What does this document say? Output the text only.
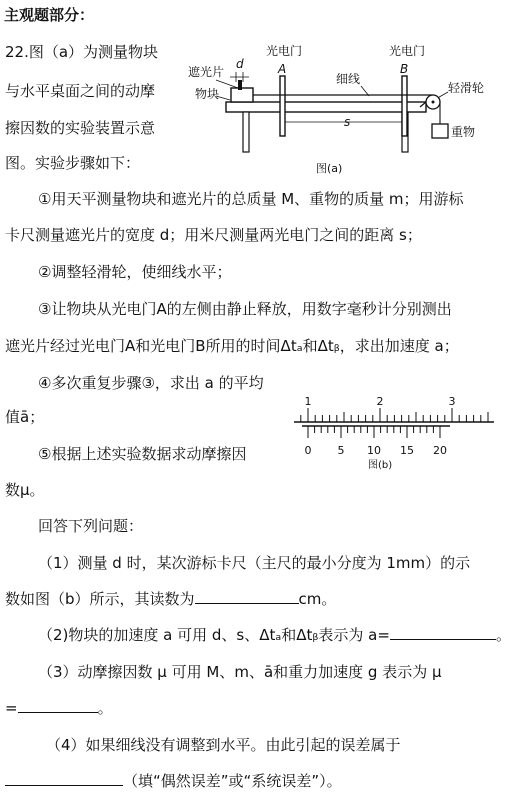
主观题部分：
22.图（a）为测量物块
与水平桌面之间的动摩
擦因数的实验装置示意
图。实验步骤如下：
遮光片
d
物块
光电门
A
光电门
B
细线
轻滑轮
重物
s
图(a)
①用天平测量物块和遮光片的总质量 M、重物的质量 m；用游标
卡尺测量遮光片的宽度 d；用米尺测量两光电门之间的距离 s；
②调整轻滑轮，使细线水平；
③让物块从光电门A的左侧由静止释放，用数字毫秒计分别测出
遮光片经过光电门A和光电门B所用的时间Δtₐ和Δtᵦ，求出加速度 a；
④多次重复步骤③，求出 a 的平均
值ā；
⑤根据上述实验数据求动摩擦因
数μ。
1	2	3
0 5 10 15 20
图(b)
回答下列问题：
（1）测量 d 时，某次游标卡尺（主尺的最小分度为 1mm）的示
数如图（b）所示，其读数为	cm。
（2)物块的加速度 a 可用 d、s、Δtₐ和Δtᵦ表示为 a=	。
（3）动摩擦因数 μ 可用 M、m、ā和重力加速度 g 表示为 μ
=	。
（4）如果细线没有调整到水平。由此引起的误差属于
（填“偶然误差”或“系统误差”）。
